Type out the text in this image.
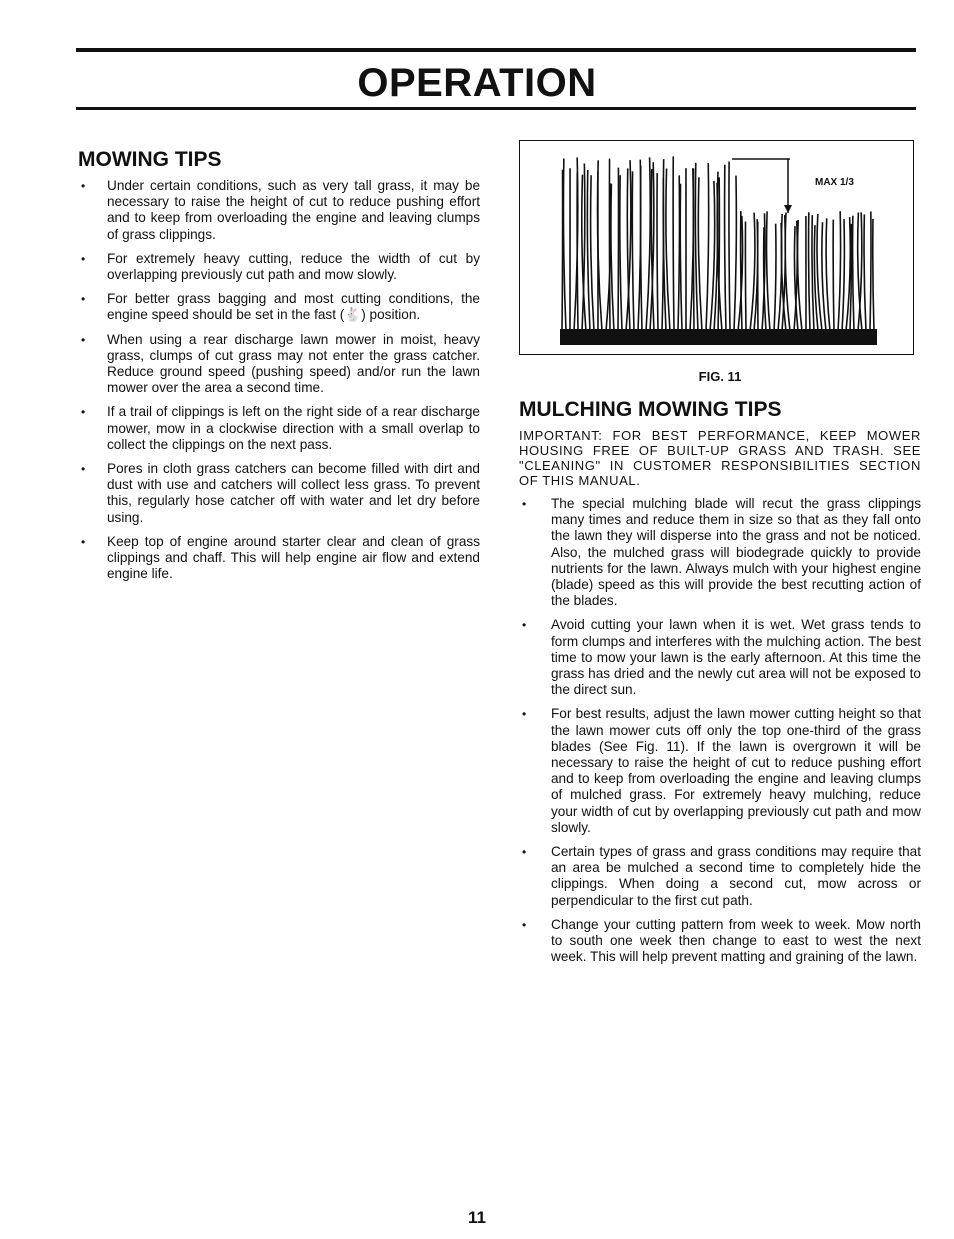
OPERATION
MOWING TIPS
• Under certain conditions, such as very tall grass, it may be necessary to raise the height of cut to reduce pushing effort and to keep from overloading the engine and leaving clumps of grass clippings.
• For extremely heavy cutting, reduce the width of cut by overlapping previously cut path and mow slowly.
• For better grass bagging and most cutting conditions, the engine speed should be set in the fast (🐇) position.
• When using a rear discharge lawn mower in moist, heavy grass, clumps of cut grass may not enter the grass catcher. Reduce ground speed (pushing speed) and/or run the lawn mower over the area a second time.
• If a trail of clippings is left on the right side of a rear discharge mower, mow in a clockwise direction with a small overlap to collect the clippings on the next pass.
• Pores in cloth grass catchers can become filled with dirt and dust with use and catchers will collect less grass. To prevent this, regularly hose catcher off with water and let dry before using.
• Keep top of engine around starter clear and clean of grass clippings and chaff. This will help engine air flow and extend engine life.
MAX 1/3
FIG. 11
MULCHING MOWING TIPS

IMPORTANT: FOR BEST PERFORMANCE, KEEP MOWER HOUSING FREE OF BUILT-UP GRASS AND TRASH. SEE "CLEANING" IN CUSTOMER RESPONSIBILITIES SECTION OF THIS MANUAL.

• The special mulching blade will recut the grass clippings many times and reduce them in size so that as they fall onto the lawn they will disperse into the grass and not be noticed. Also, the mulched grass will biodegrade quickly to provide nutrients for the lawn. Always mulch with your highest engine (blade) speed as this will provide the best recutting action of the blades.
• Avoid cutting your lawn when it is wet. Wet grass tends to form clumps and interferes with the mulching action. The best time to mow your lawn is the early afternoon. At this time the grass has dried and the newly cut area will not be exposed to the direct sun.
• For best results, adjust the lawn mower cutting height so that the lawn mower cuts off only the top one-third of the grass blades (See Fig. 11). If the lawn is overgrown it will be necessary to raise the height of cut to reduce pushing effort and to keep from overloading the engine and leaving clumps of mulched grass. For extremely heavy mulching, reduce your width of cut by overlapping previously cut path and mow slowly.
• Certain types of grass and grass conditions may require that an area be mulched a second time to completely hide the clippings. When doing a second cut, mow across or perpendicular to the first cut path.
• Change your cutting pattern from week to week. Mow north to south one week then change to east to west the next week. This will help prevent matting and graining of the lawn.
11
